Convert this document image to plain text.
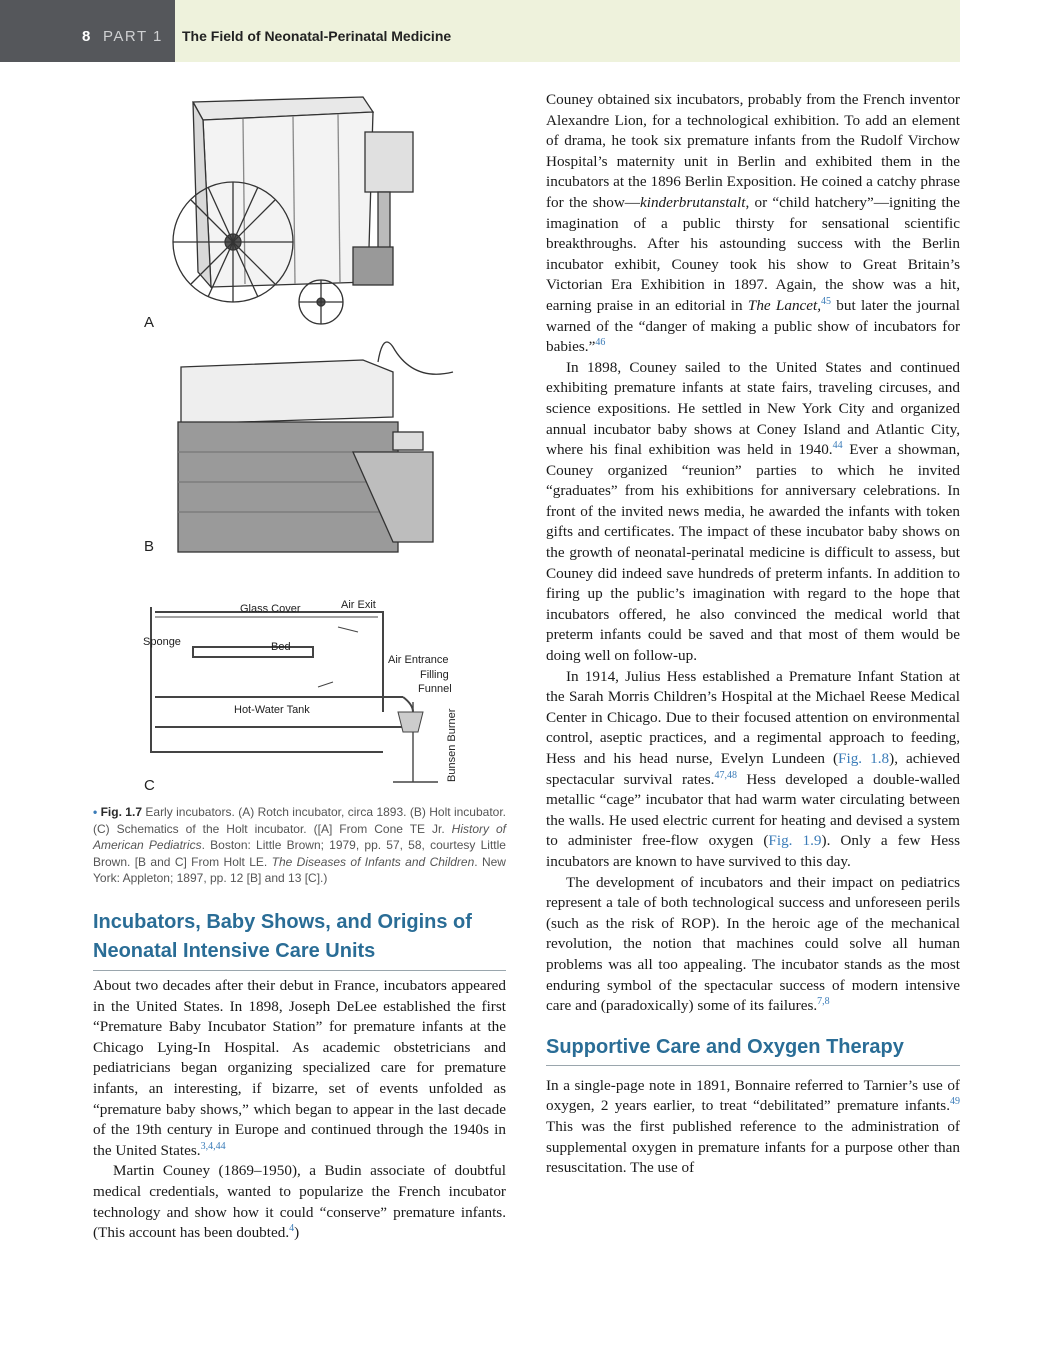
8 PART 1 The Field of Neonatal-Perinatal Medicine
Glass Cover	Air Exit
Sponge	Bed
Air Entrance
Filling
Funnel
Hot-Water Tank	Bunsen Burner
A
B
C
• Fig. 1.7 Early incubators. (A) Rotch incubator, circa 1893. (B) Holt incubator. (C) Schematics of the Holt incubator. ([A] From Cone TE Jr. History of American Pediatrics. Boston: Little Brown; 1979, pp. 57, 58, courtesy Little Brown. [B and C] From Holt LE. The Diseases of Infants and Children. New York: Appleton; 1897, pp. 12 [B] and 13 [C].)
Incubators, Baby Shows, and Origins of Neonatal Intensive Care Units

About two decades after their debut in France, incubators appeared in the United States. In 1898, Joseph DeLee established the first “Premature Baby Incubator Station” for premature infants at the Chicago Lying-In Hospital. As academic obstetricians and pediatricians began organizing specialized care for premature infants, an interesting, if bizarre, set of events unfolded as “premature baby shows,” which began to appear in the last decade of the 19th century in Europe and continued through the 1940s in the United States.$^{3,4,44}$

Martin Couney (1869–1950), a Budin associate of doubtful medical credentials, wanted to popularize the French incubator technology and show how it could “conserve” premature infants. (This account has been doubted.$^4$)

Couney obtained six incubators, probably from the French inventor Alexandre Lion, for a technological exhibition. To add an element of drama, he took six premature infants from the Rudolf Virchow Hospital’s maternity unit in Berlin and exhibited them in the incubators at the 1896 Berlin Exposition. He coined a catchy phrase for the show—kinderbrutanstalt, or “child hatchery”—igniting the imagination of a public thirsty for sensational scientific breakthroughs. After his astounding success with the Berlin incubator exhibit, Couney took his show to Great Britain’s Victorian Era Exhibition in 1897. Again, the show was a hit, earning praise in an editorial in The Lancet,$^{45}$ but later the journal warned of the “danger of making a public show of incubators for babies.”$^{46}$

In 1898, Couney sailed to the United States and continued exhibiting premature infants at state fairs, traveling circuses, and science expositions. He settled in New York City and organized annual incubator baby shows at Coney Island and Atlantic City, where his final exhibition was held in 1940.44 Ever a showman, Couney organized “reunion” parties to which he invited “graduates” from his exhibitions for anniversary celebrations. In front of the invited news media, he awarded the infants with token gifts and certificates. The impact of these incubator baby shows on the growth of neonatal-perinatal medicine is difficult to assess, but Couney did indeed save hundreds of preterm infants. In addition to firing up the public’s imagination with regard to the hope that incubators offered, he also convinced the medical world that preterm infants could be saved and that most of them would be doing well on follow-up.

In 1914, Julius Hess established a Premature Infant Station at the Sarah Morris Children’s Hospital at the Michael Reese Medical Center in Chicago. Due to their focused attention on environmental control, aseptic practices, and a regimental approach to feeding, Hess and his head nurse, Evelyn Lundeen (Fig. 1.8), achieved spectacular survival rates.$^{47,48}$ Hess developed a double-walled metallic “cage” incubator that had warm water circulating between the walls. He used electric current for heating and devised a system to administer free-flow oxygen (Fig. 1.9). Only a few Hess incubators are known to have survived to this day.

The development of incubators and their impact on pediatrics represent a tale of both technological success and unforeseen perils (such as the risk of ROP). In the heroic age of the mechanical revolution, the notion that machines could solve all human problems was all too appealing. The incubator stands as the most enduring symbol of the spectacular success of modern intensive care and (paradoxically) some of its failures.$^{7,8}$

Supportive Care and Oxygen Therapy

In a single-page note in 1891, Bonnaire referred to Tarnier’s use of oxygen, 2 years earlier, to treat “debilitated” premature infants.$^{49}$ This was the first published reference to the administration of supplemental oxygen in premature infants for a purpose other than resuscitation. The use of
